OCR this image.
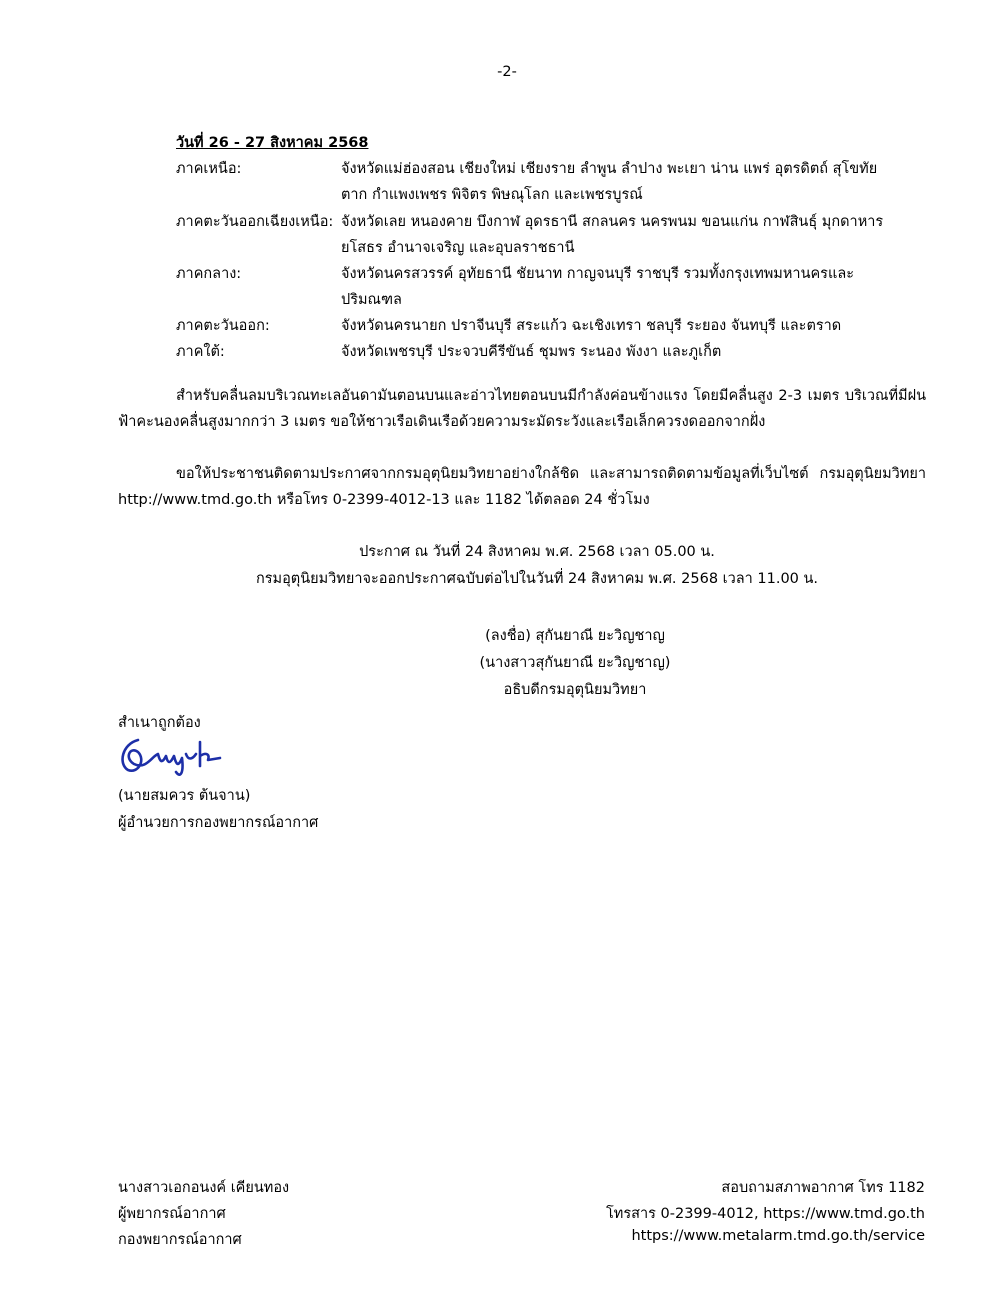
-2-
วันที่ 26 - 27 สิงหาคม 2568
ภาคเหนือ:	จังหวัดแม่ฮ่องสอน เชียงใหม่ เชียงราย ลำพูน ลำปาง พะเยา น่าน แพร่ อุตรดิตถ์ สุโขทัย
ตาก กำแพงเพชร พิจิตร พิษณุโลก และเพชรบูรณ์
ภาคตะวันออกเฉียงเหนือ: จังหวัดเลย หนองคาย บึงกาฬ อุดรธานี สกลนคร นครพนม ขอนแก่น กาฬสินธุ์ มุกดาหาร
ยโสธร อำนาจเจริญ และอุบลราชธานี
ภาคกลาง:	จังหวัดนครสวรรค์ อุทัยธานี ชัยนาท กาญจนบุรี ราชบุรี รวมทั้งกรุงเทพมหานครและ
ปริมณฑล
ภาคตะวันออก:	จังหวัดนครนายก ปราจีนบุรี สระแก้ว ฉะเชิงเทรา ชลบุรี ระยอง จันทบุรี และตราด
ภาคใต้:	จังหวัดเพชรบุรี ประจวบคีรีขันธ์ ชุมพร ระนอง พังงา และภูเก็ต
สำหรับคลื่นลมบริเวณทะเลอันดามันตอนบนและอ่าวไทยตอนบนมีกำลังค่อนข้างแรง โดยมีคลื่นสูง 2-3 เมตร บริเวณที่มีฝนฟ้าคะนองคลื่นสูงมากกว่า 3 เมตร ขอให้ชาวเรือเดินเรือด้วยความระมัดระวังและเรือเล็กควรงดออกจากฝั่ง
ขอให้ประชาชนติดตามประกาศจากกรมอุตุนิยมวิทยาอย่างใกล้ชิด และสามารถติดตามข้อมูลที่เว็บไซต์ กรมอุตุนิยมวิทยา http://www.tmd.go.th หรือโทร 0-2399-4012-13 และ 1182 ได้ตลอด 24 ชั่วโมง
ประกาศ ณ วันที่ 24 สิงหาคม พ.ศ. 2568 เวลา 05.00 น.
กรมอุตุนิยมวิทยาจะออกประกาศฉบับต่อไปในวันที่ 24 สิงหาคม พ.ศ. 2568 เวลา 11.00 น.
(ลงชื่อ) สุกันยาณี ยะวิญชาญ
(นางสาวสุกันยาณี ยะวิญชาญ)
อธิบดีกรมอุตุนิยมวิทยา
สำเนาถูกต้อง
(นายสมควร ต้นจาน)
ผู้อำนวยการกองพยากรณ์อากาศ
นางสาวเอกอนงค์ เคียนทอง
ผู้พยากรณ์อากาศ
กองพยากรณ์อากาศ
สอบถามสภาพอากาศ โทร 1182
โทรสาร 0-2399-4012, https://www.tmd.go.th
https://www.metalarm.tmd.go.th/service
